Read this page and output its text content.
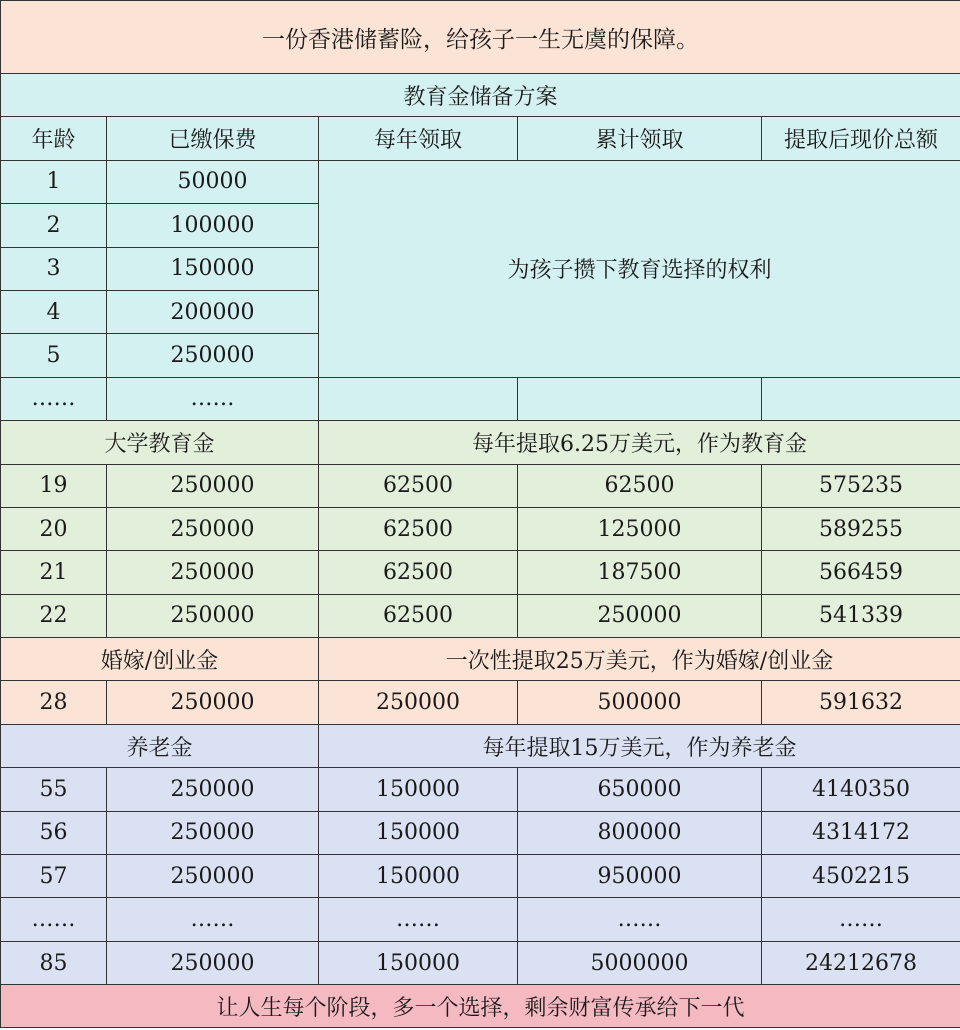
一份香港储蓄险，给孩子一生无虞的保障。				
教育金储备方案				
年龄	已缴保费	每年领取	累计领取	提取后现价总额
1	50000	为孩子攒下教育选择的权利		
2	100000			
3	150000			
4	200000			
5	250000			
……	……			
大学教育金		每年提取6.25万美元，作为教育金		
19	250000	62500	62500	575235
20	250000	62500	125000	589255
21	250000	62500	187500	566459
22	250000	62500	250000	541339
婚嫁/创业金		一次性提取25万美元，作为婚嫁/创业金		
28	250000	250000	500000	591632
养老金		每年提取15万美元，作为养老金		
55	250000	150000	650000	4140350
56	250000	150000	800000	4314172
57	250000	150000	950000	4502215
……	……	……	……	……
85	250000	150000	5000000	24212678
让人生每个阶段，多一个选择，剩余财富传承给下一代				
